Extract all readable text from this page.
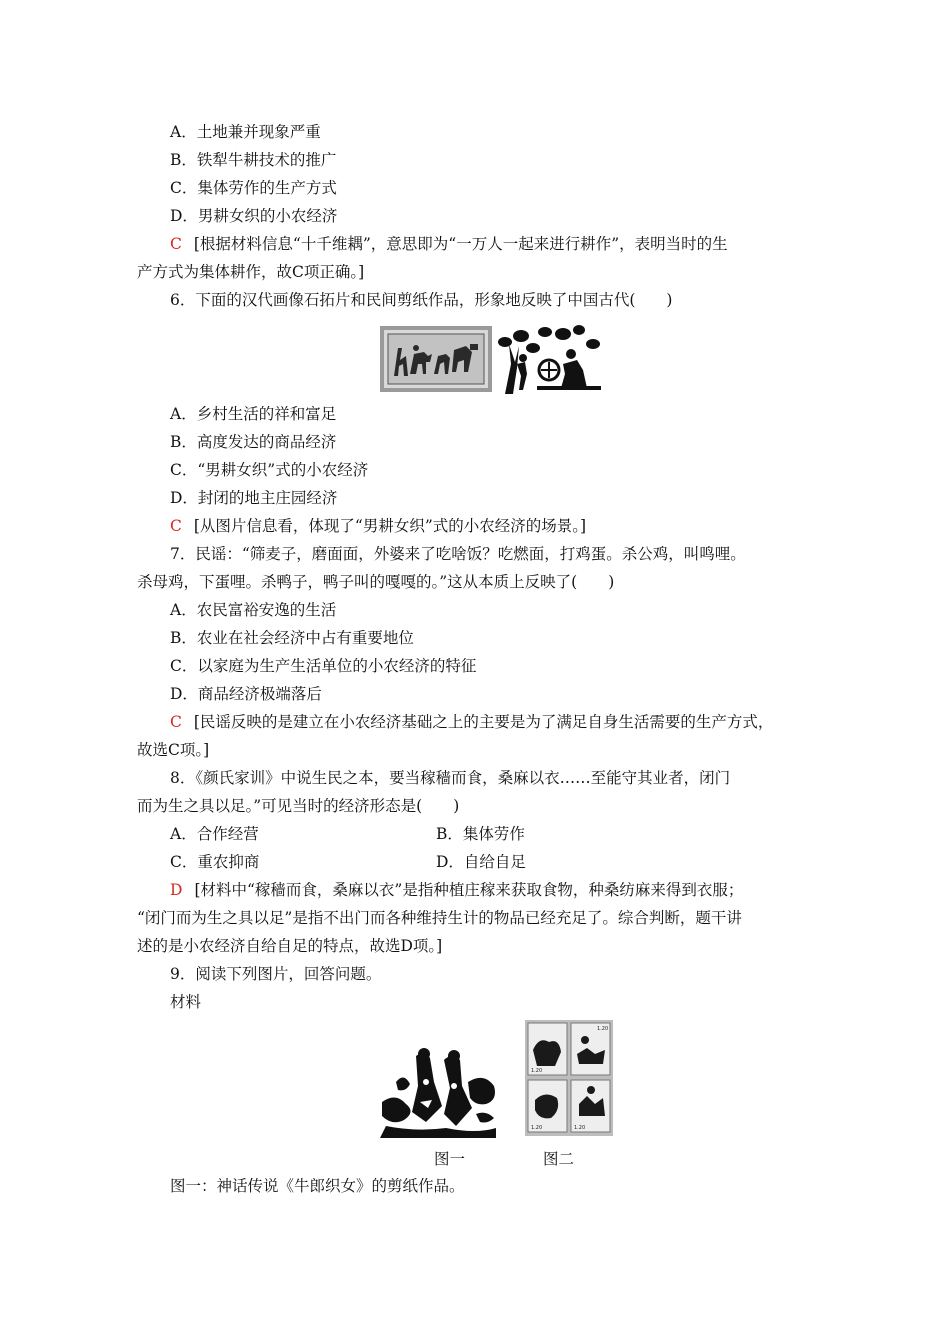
A．土地兼并现象严重
B．铁犁牛耕技术的推广
C．集体劳作的生产方式
D．男耕女织的小农经济
C [根据材料信息“十千维耦”，意思即为“一万人一起来进行耕作”，表明当时的生
产方式为集体耕作，故C项正确。]
6．下面的汉代画像石拓片和民间剪纸作品，形象地反映了中国古代(　　)
A．乡村生活的祥和富足
B．高度发达的商品经济
C．“男耕女织”式的小农经济
D．封闭的地主庄园经济
C [从图片信息看，体现了“男耕女织”式的小农经济的场景。]
7．民谣：“筛麦子，磨面面，外婆来了吃啥饭？吃燃面，打鸡蛋。杀公鸡，叫鸣哩。
杀母鸡，下蛋哩。杀鸭子，鸭子叫的嘎嘎的。”这从本质上反映了(　　)
A．农民富裕安逸的生活
B．农业在社会经济中占有重要地位
C．以家庭为生产生活单位的小农经济的特征
D．商品经济极端落后
C [民谣反映的是建立在小农经济基础之上的主要是为了满足自身生活需要的生产方式，
故选C项。]
8．《颜氏家训》中说生民之本，要当稼穑而食，桑麻以衣……至能守其业者，闭门
而为生之具以足。”可见当时的经济形态是(　　)
A．合作经营	B．集体劳作
C．重农抑商	D．自给自足
D [材料中“稼穑而食，桑麻以衣”是指种植庄稼来获取食物，种桑纺麻来得到衣服；
“闭门而为生之具以足”是指不出门而各种维持生计的物品已经充足了。综合判断，题干讲
述的是小农经济自给自足的特点，故选D项。]
9．阅读下列图片，回答问题。
材料
1.20
1.20
1.20	1.20
图一	图二
图一：神话传说《牛郎织女》的剪纸作品。
